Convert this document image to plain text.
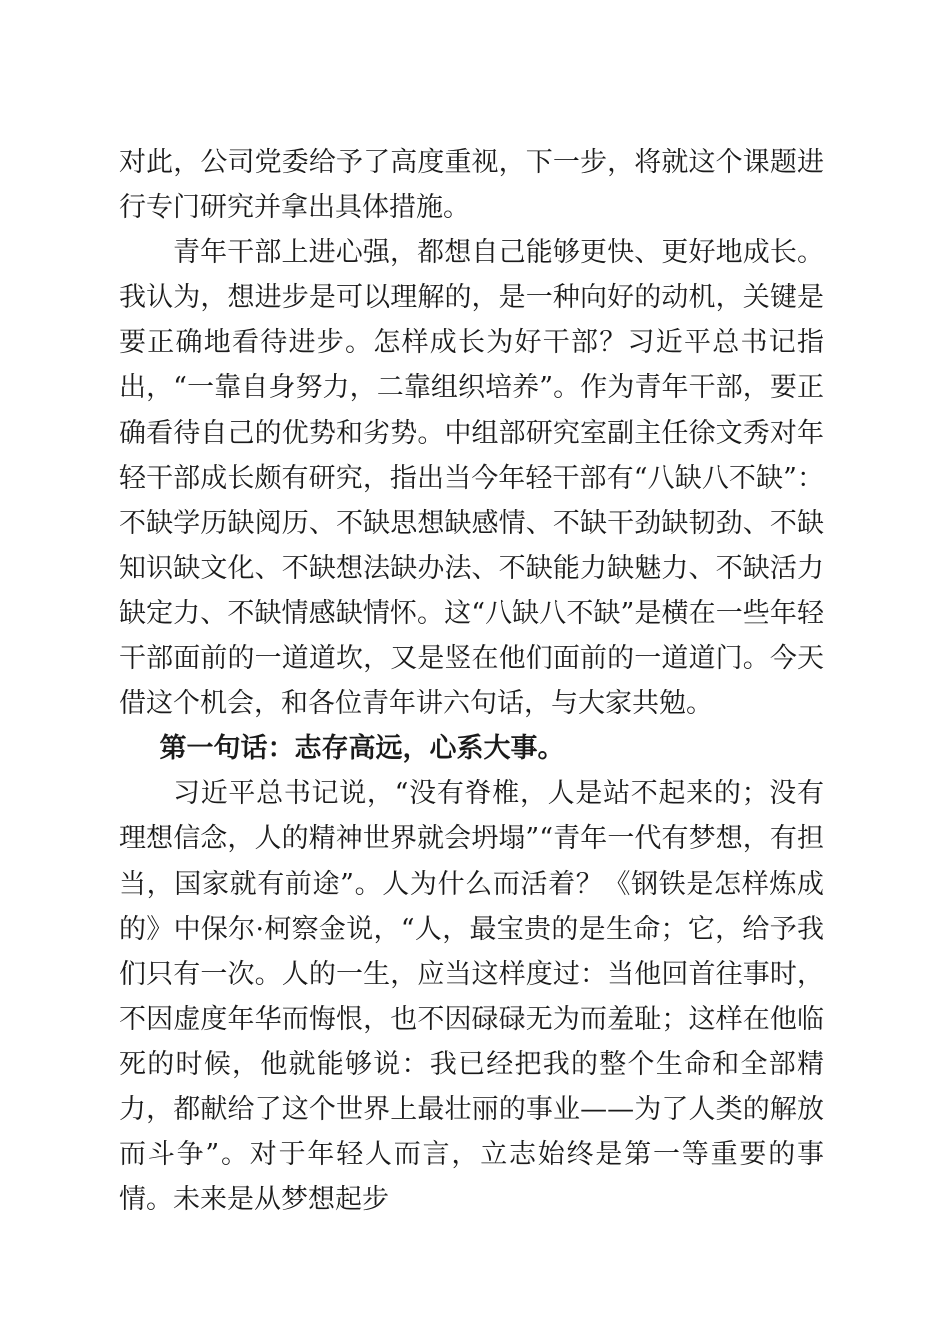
对此，公司党委给予了高度重视，下一步，将就这个课题进行专门研究并拿出具体措施。

青年干部上进心强，都想自己能够更快、更好地成长。我认为，想进步是可以理解的，是一种向好的动机，关键是要正确地看待进步。怎样成长为好干部？习近平总书记指出，“一靠自身努力，二靠组织培养”。作为青年干部，要正确看待自己的优势和劣势。中组部研究室副主任徐文秀对年轻干部成长颇有研究，指出当今年轻干部有“八缺八不缺”：不缺学历缺阅历、不缺思想缺感情、不缺干劲缺韧劲、不缺知识缺文化、不缺想法缺办法、不缺能力缺魅力、不缺活力缺定力、不缺情感缺情怀。这“八缺八不缺”是横在一些年轻干部面前的一道道坎，又是竖在他们面前的一道道门。今天借这个机会，和各位青年讲六句话，与大家共勉。

第一句话：志存高远，心系大事。

习近平总书记说，“没有脊椎，人是站不起来的；没有理想信念，人的精神世界就会坍塌”“青年一代有梦想，有担当，国家就有前途”。人为什么而活着？《钢铁是怎样炼成的》中保尔·柯察金说，“人，最宝贵的是生命；它，给予我们只有一次。人的一生，应当这样度过：当他回首往事时，不因虚度年华而悔恨，也不因碌碌无为而羞耻；这样在他临死的时候，他就能够说：我已经把我的整个生命和全部精力，都献给了这个世界上最壮丽的事业——为了人类的解放而斗争”。对于年轻人而言，立志始终是第一等重要的事情。未来是从梦想起步
